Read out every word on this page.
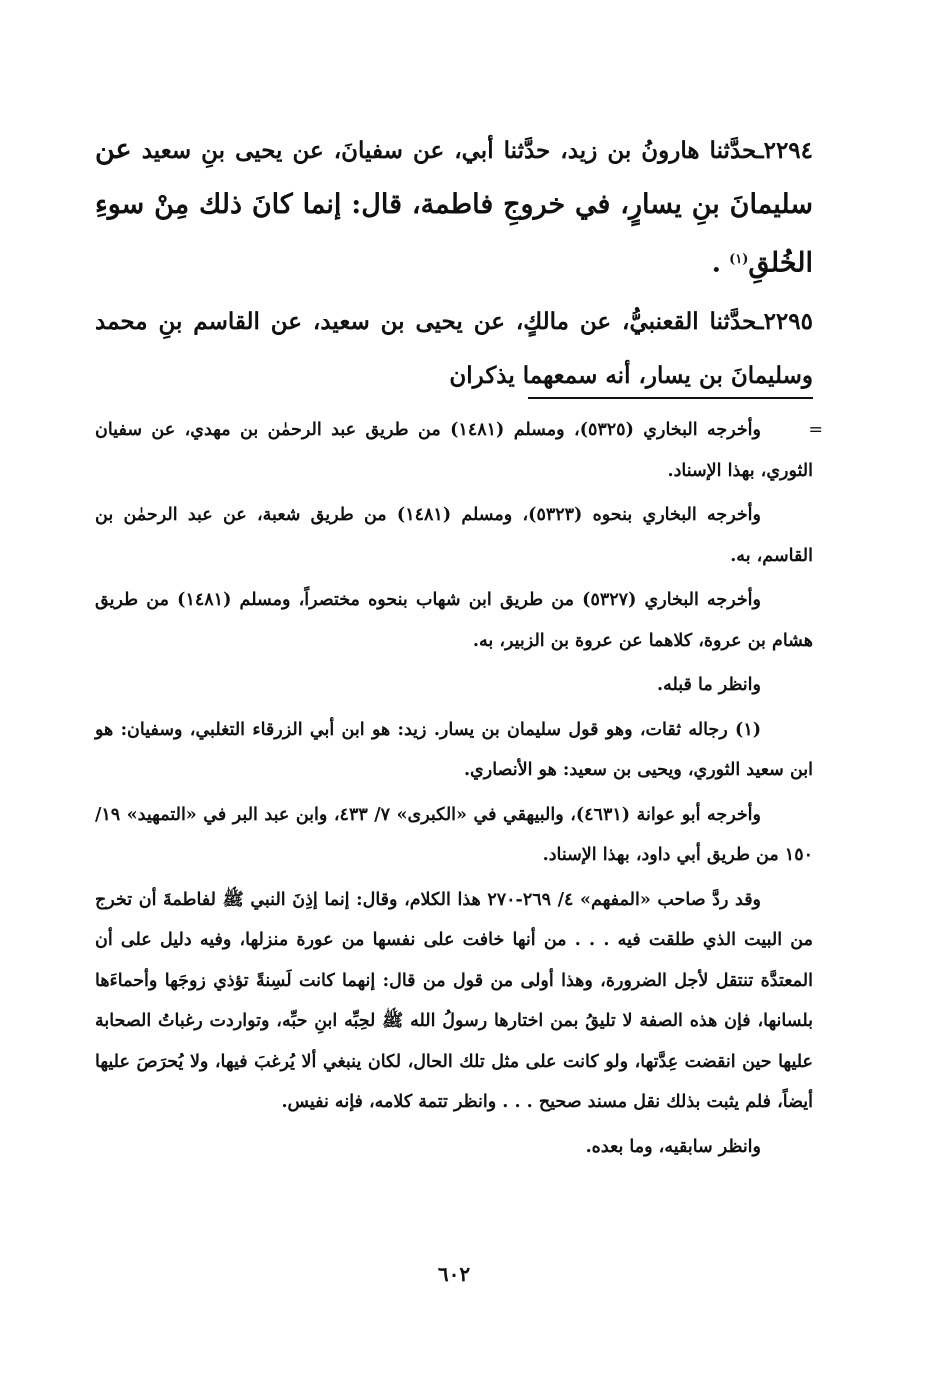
٢٢٩٤ـحدَّثنا هارونُ بن زيد، حدَّثنا أبي، عن سفيانَ، عن يحيى بنِ سعيد عن سليمانَ بنِ يسارٍ، في خروجِ فاطمة، قال: إنما كانَ ذلك مِنْ سوءِ الخُلقِ$^{(١)}$ .

٢٢٩٥ـحدَّثنا القعنبيُّ، عن مالكٍ، عن يحيى بن سعيد، عن القاسم بنِ محمد وسليمانَ بن يسار، أنه سمعهما يذكران

=

وأخرجه البخاري (٥٣٢٥)، ومسلم (١٤٨١) من طريق عبد الرحمٰن بن مهدي، عن سفيان الثوري، بهذا الإسناد.

وأخرجه البخاري بنحوه (٥٣٢٣)، ومسلم (١٤٨١) من طريق شعبة، عن عبد الرحمٰن بن القاسم، به.

وأخرجه البخاري (٥٣٢٧) من طريق ابن شهاب بنحوه مختصراً، ومسلم (١٤٨١) من طريق هشام بن عروة، كلاهما عن عروة بن الزبير، به.

وانظر ما قبله.

(١) رجاله ثقات، وهو قول سليمان بن يسار. زيد: هو ابن أبي الزرقاء التغلبي، وسفيان: هو ابن سعيد الثوري، ويحيى بن سعيد: هو الأنصاري.

وأخرجه أبو عوانة (٤٦٣١)، والبيهقي في «الكبرى» ٧/ ٤٣٣، وابن عبد البر في «التمهيد» ١٩/ ١٥٠ من طريق أبي داود، بهذا الإسناد.

وقد ردَّ صاحب «المفهم» ٤/ ٢٦٩-٢٧٠ هذا الكلام، وقال: إنما إذِنَ النبي ﷺ لفاطمةَ أن تخرج من البيت الذي طلقت فيه . . . من أنها خافت على نفسها من عورة منزلها، وفيه دليل على أن المعتدَّة تنتقل لأجل الضرورة، وهذا أولى من قول من قال: إنهما كانت لَسِنةً تؤذي زوجَها وأحماءَها بلسانها، فإن هذه الصفة لا تليقُ بمن اختارها رسولُ الله ﷺ لحِبِّه ابنِ حبِّه، وتواردت رغباتُ الصحابة عليها حين انقضت عِدَّتها، ولو كانت على مثل تلك الحال، لكان ينبغي ألا يُرغبَ فيها، ولا يُحرَصَ عليها أيضاً، فلم يثبت بذلك نقل مسند صحيح . . . وانظر تتمة كلامه، فإنه نفيس.

وانظر سابقيه، وما بعده.

٦٠٢
